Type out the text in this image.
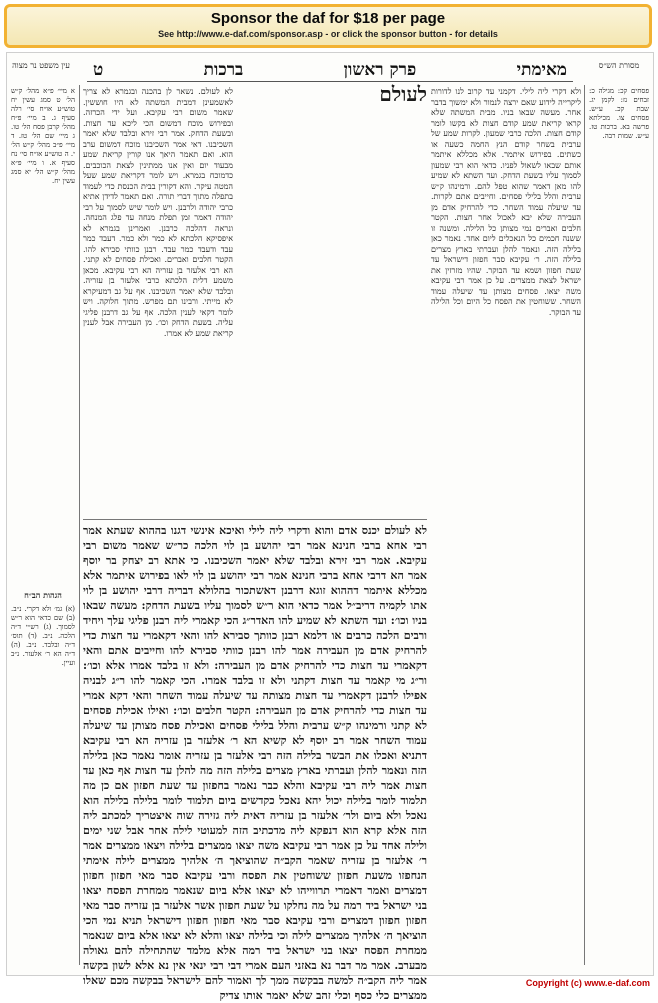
Sponsor the daf for $18 per page
See http://www.e-daf.com/sponsor.asp - or click the sponsor button - for details
מאימתי
פרק ראשון
ברכות
ט	מסורת הש״ס
עין משפט נר מצוה
פסחים קכ: מגילה כ: זבחים נז: לקמן יג. שבת קכ. ע״ש. פסחים צו. מכילתא פרשה בא. ברכות טז. ע״ש. שמות רבה.
א מיי׳ פ״א מהל׳ ק״ש הל׳ ט סמג עשין יח טוש״ע או״ח סי׳ רלה סעיף ג. ב מיי׳ פ״ח מהל׳ קרבן פסח הל׳ טו. ג מיי׳ שם הל׳ טז. ד מיי׳ פ״ב מהל׳ ק״ש הל׳ י. ה טוש״ע או״ח סי׳ נח סעיף א. ו מיי׳ פ״א מהל׳ ק״ש הל׳ יא סמג עשין יח.
הגהות הב״ח
(א) גמ׳ ולא דקרי. נ״ב. (ב) שם כדאי הוא ר״ש לסמוך. (ג) רש״י ד״ה הלכה. נ״ב. (ד) תוס׳ ד״ה ובלבד. נ״ב. (ה) ד״ה הא ר׳ אלעזר. נ״ב ועיין.
ולא דקרי ליה לילי. דקמני עד קרוב לנו לדורות ליקרייה לידוע שאם ירצה לנמור ולא ימשוך בדבר אחר. מעשה שבאו בניו. מבית המשתה שלא קראו קריאת שמע קודם חצות לא בקשו לומר קודם חצות. הלכה כרבי שמעון. לקרות שמע של ערבית בשחר קודם הנץ החמה כשעה או כשתים. בפירוש איתמר. אלא מכללא איתמר אותם שבאו לשאול לפניו. כדאי הוא רבי שמעון לסמוך עליו בשעת הדחק. ועד השתא לא שמיע להו מאן דאמר שהוא טפל להם. ורמינהו ק״ש ערבית והלל בלילי פסחים. וחייבים אתם לקרות. עד שיעלה עמוד השחר. כדי להרחיק אדם מן העבירה שלא יבא לאכול אחר חצות. הקטר חלבים ואברים נמי מצותן כל הלילה. ומשנה זו ששנה חכמים כל הנאכלים ליום אחד. נאמר כאן בלילה הזה. ונאמר להלן ועברתי בארץ מצרים בלילה הזה. ר׳ עקיבא סבר חפזון דישראל עד שעת חפזון ושמא עד הבוקר. שהיו מזרזין את ישראל לצאת ממצרים. על כן אמר רבי עקיבא משה יצאו. פסחים מצותן עד שיעלה עמוד השחר. ששוחטין את הפסח כל היום וכל הלילה עד הבוקר.
לא לעולם. נשאר לן בהכנה ובגמרא לא צריך לאשמעינן דמבית המשתה לא היו חוששין. שאמר משום רבי עקיבא. ועל ידי הכרזה. ובפירוש מוכח דמשום הכי ליכא עד חצות. ובשעת הדחק. אמר רבי זירא ובלבד שלא יאמר השכיבנו. דאי אמר השכיבנו מוכח דמשום ערב הוא. ואם תאמר היאך אנו קורין קריאת שמע מבעוד יום ואין אנו ממתינין לצאת הכוכבים. כדמוכח בגמרא. ויש לומר דקריאת שמע שעל המטה עיקר. והא דקורין בבית הכנסת כדי לעמוד בתפלה מתוך דברי תורה. ואם תאמר לדידן אתיא כרבי יהודה ולרבנן. ויש לומר שיש לסמוך על רבי יהודה דאמר זמן תפלת מנחה עד פלג המנחה. ונראה דהלכה כרבנן. ואמרינן בגמרא לא איפסיקא הלכתא לא כמר ולא כמר. דעבד כמר עבד ודעבד כמר עבד. רבנן כוותי סבירא להו. הקטר חלבים ואברים. ואכילת פסחים לא קתני. הא רבי אלעזר בן עזריה הא רבי עקיבא. מכאן משמע דלית הלכתא כרבי אלעזר בן עזריה. ובלבד שלא יאמר השכיבנו. אף על גב דמעיקרא לא מייתי. ורבינו תם מפרש. מתוך חלוקה. ויש לומר דקאי לענין הלכה. אף על גב דרבנן פליגי עליה. בשעת הדחק וכו׳. מן העבירה אבל לענין קריאת שמע לא אמרו.
לעולם
לא לעולם יכנס אדם והוא ודקרי ליה לילי ואיכא אינשי דגנו בההוא שעתא אמר רבי אחא ברבי חנינא אמר רבי יהושע בן לוי הלכה כר״ש שאמר משום רבי עקיבא. אמר רבי זירא ובלבד שלא יאמר השכיבנו. כי אתא רב יצחק בר יוסף אמר הא דרבי אחא ברבי חנינא אמר רבי יהושע בן לוי לאו בפירוש איתמר אלא מכללא איתמר דההוא זוגא דרבנן דאשתכור בהלולא דבריה דרבי יהושע בן לוי אתו לקמיה דריב״ל אמר כדאי הוא ר״ש לסמוך עליו בשעת הדחק: מעשה שבאו בניו וכו׳: ועד השתא לא שמיע להו האדר״ג הכי קאמרי ליה רבנן פליגי עלך ויחיד ורבים הלכה כרבים או דלמא רבנן כוותך סבירא להו והאי דקאמרי עד חצות כדי להרחיק אדם מן העבירה אמר להו רבנן כוותי סבירא להו וחייבים אתם והאי דקאמרי עד חצות כדי להרחיק אדם מן העבירה: ולא זו בלבד אמרו אלא וכו׳: ור״ג מי קאמר עד חצות דקתני ולא זו בלבד אמרו. הכי קאמר להו ר״ג לבניה אפילו לרבנן דקאמרי עד חצות מצותה עד שיעלה עמוד השחר והאי דקא אמרי עד חצות כדי להרחיק אדם מן העבירה: הקטר חלבים וכו׳: ואילו אכילת פסחים לא קתני ורמינהו ק״ש ערבית והלל בלילי פסחים ואכילת פסח מצותן עד שיעלה עמוד השחר אמר רב יוסף לא קשיא הא ר׳ אלעזר בן עזריה הא רבי עקיבא דתניא ואכלו את הבשר בלילה הזה רבי אלעזר בן עזריה אומר נאמר כאן בלילה הזה ונאמר להלן ועברתי בארץ מצרים בלילה הזה מה להלן עד חצות אף כאן עד חצות אמר ליה רבי עקיבא והלא כבר נאמר בחפזון עד שעת חפזון אם כן מה תלמוד לומר בלילה יכול יהא נאכל כקדשים ביום תלמוד לומר בלילה בלילה הוא נאכל ולא ביום ולר׳ אלעזר בן עזריה דאית ליה גזירה שוה איצטריך למכתב ליה הזה אלא קרא הוא דנפקא ליה מדכתיב הזה למעוטי לילה אחר אבל שני ימים ולילה אחד על כן אמר רבי עקיבא משה יצאו ממצרים בלילה ויצאו ממצרים אמר ר׳ אלעזר בן עזריה שאמר הקב״ה שהוציאך ה׳ אלהיך ממצרים לילה אימתי הנחפזו משעת חפזון ששוחטין את הפסח ורבי עקיבא סבר מאי חפזון חפזון דמצרים ואמר דאמרי תרווייהו לא יצאו אלא ביום שנאמר ממחרת הפסח יצאו בני ישראל ביד רמה על מה נחלקו על שעת חפזון אשר אלעזר בן עזריה סבר מאי חפזון חפזון דמצרים ורבי עקיבא סבר מאי חפזון חפזון דישראל תניא נמי הכי הוציאך ה׳ אלהיך ממצרים לילה וכי בלילה יצאו והלא לא יצאו אלא ביום שנאמר ממחרת הפסח יצאו בני ישראל ביד רמה אלא מלמד שהתחילה להם גאולה מבערב. אמר מר דבר נא באזני העם אמרי דבי רבי ינאי אין נא אלא לשון בקשה אמר ליה הקב״ה למשה בבקשה ממך לך ואמור להם לישראל בבקשה מכם שאלו ממצרים כלי כסף וכלי זהב שלא יאמר אותו צדיק
Copyright (c) www.e-daf.com
